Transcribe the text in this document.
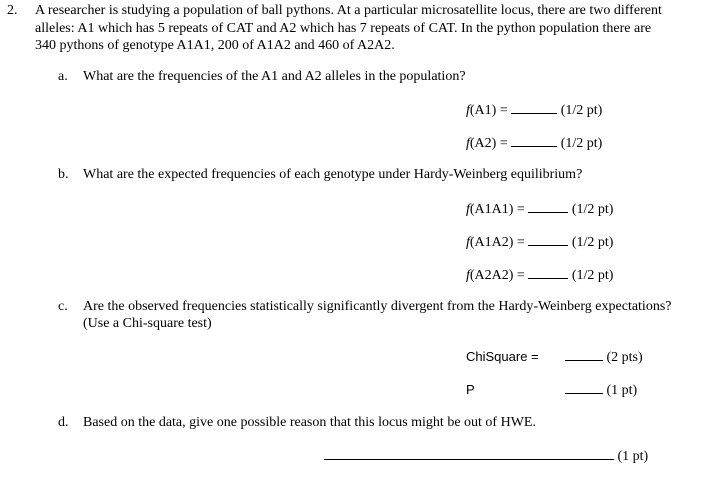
2. A researcher is studying a population of ball pythons. At a particular microsatellite locus, there are two different
alleles: A1 which has 5 repeats of CAT and A2 which has 7 repeats of CAT. In the python population there are
340 pythons of genotype A1A1, 200 of A1A2 and 460 of A2A2.
a. What are the frequencies of the A1 and A2 alleles in the population?
f(A1) =	(1/2 pt)
f(A2) =	(1/2 pt)
b. What are the expected frequencies of each genotype under Hardy-Weinberg equilibrium?
f(A1A1) =	(1/2 pt)
f(A1A2) =	(1/2 pt)
f(A2A2) =	(1/2 pt)
c. Are the observed frequencies statistically significantly divergent from the Hardy-Weinberg expectations?
(Use a Chi-square test)
ChiSquare =	(2 pts)
P	(1 pt)
d. Based on the data, give one possible reason that this locus might be out of HWE.
(1 pt)
